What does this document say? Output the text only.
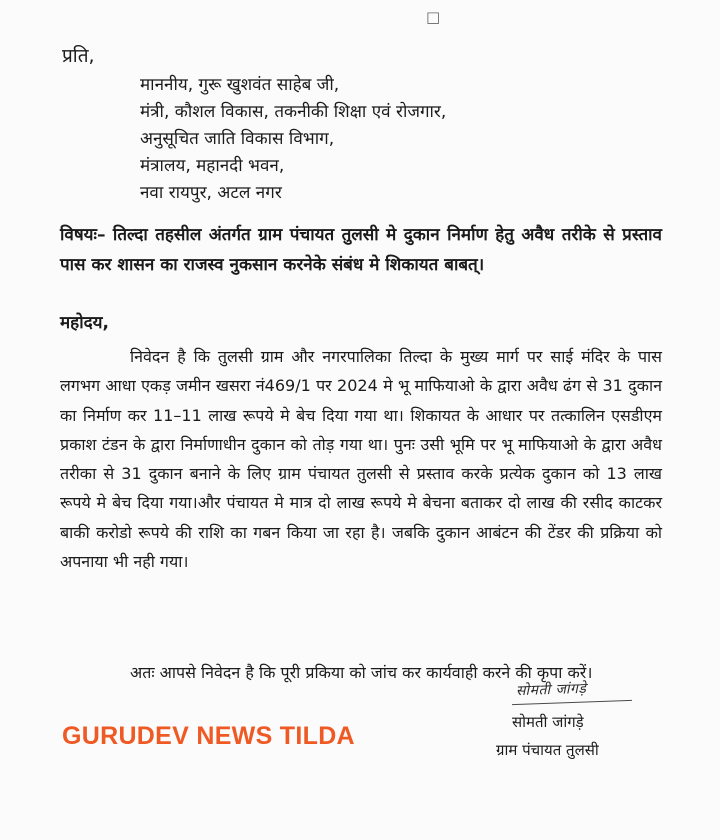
□
प्रति,
माननीय, गुरू खुशवंत साहेब जी,
मंत्री, कौशल विकास, तकनीकी शिक्षा एवं रोजगार,
अनुसूचित जाति विकास विभाग,
मंत्रालय, महानदी भवन,
नवा रायपुर, अटल नगर
विषयः– तिल्दा तहसील अंतर्गत ग्राम पंचायत तुलसी मे दुकान निर्माण हेतु अवैध तरीके से प्रस्ताव पास कर शासन का राजस्व नुकसान करनेके संबंध मे शिकायत बाबत्।
महोदय,
निवेदन है कि तुलसी ग्राम और नगरपालिका तिल्दा के मुख्य मार्ग पर साई मंदिर के पास लगभग आधा एकड़ जमीन खसरा नं469/1 पर 2024 मे भू माफियाओ के द्वारा अवैध ढंग से 31 दुकान का निर्माण कर 11–11 लाख रूपये मे बेच दिया गया था। शिकायत के आधार पर तत्कालिन एसडीएम प्रकाश टंडन के द्वारा निर्माणाधीन दुकान को तोड़ गया था। पुनः उसी भूमि पर भू माफियाओ के द्वारा अवैध तरीका से 31 दुकान बनाने के लिए ग्राम पंचायत तुलसी से प्रस्ताव करके प्रत्येक दुकान को 13 लाख रूपये मे बेच दिया गया।और पंचायत मे मात्र दो लाख रूपये मे बेचना बताकर दो लाख की रसीद काटकर बाकी करोडो रूपये की राशि का गबन किया जा रहा है। जबकि दुकान आबंटन की टेंडर की प्रक्रिया को अपनाया भी नही गया।
अतः आपसे निवेदन है कि पूरी प्रकिया को जांच कर कार्यवाही करने की कृपा करें।
सोमती जांगड़े
सोमती जांगड़े
ग्राम पंचायत तुलसी
GURUDEV NEWS TILDA
